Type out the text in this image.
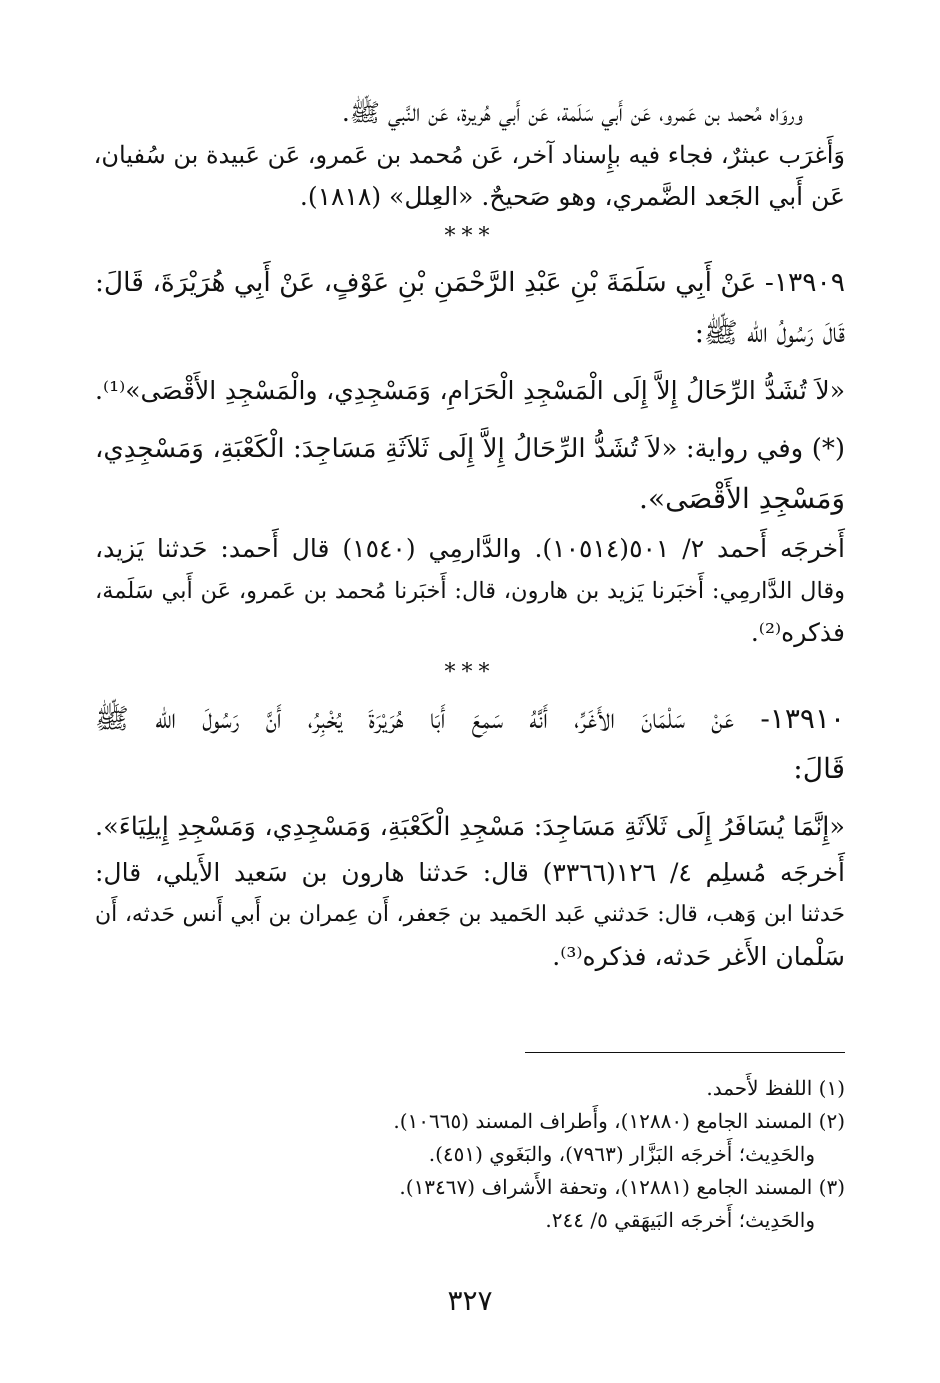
وروَاه مُحمد بن عَمرو، عَن أَبي سَلَمة، عَن أَبي هُريرة، عَن النَّبي ﷺ.
وَأَغرَب عبثرٌ، فجاء فيه بإِسناد آخر، عَن مُحمد بن عَمرو، عَن عَبيدة بن سُفيان،
عَن أَبي الجَعد الضَّمري، وهو صَحيحٌ. «العِلل» (١٨١٨).
***
١٣٩٠٩- عَنْ أَبِي سَلَمَةَ بْنِ عَبْدِ الرَّحْمَنِ بْنِ عَوْفٍ، عَنْ أَبِي هُرَيْرَةَ، قَالَ:
قَالَ رَسُولُ الله ﷺ:
«لاَ تُشَدُّ الرِّحَالُ إِلاَّ إِلَى الْمَسْجِدِ الْحَرَامِ، وَمَسْجِدِي، والْمَسْجِدِ الأَقْصَى»⁽¹⁾.
(*) وفي رواية: «لاَ تُشَدُّ الرِّحَالُ إِلاَّ إِلَى ثَلاَثَةِ مَسَاجِدَ: الْكَعْبَةِ، وَمَسْجِدِي،
وَمَسْجِدِ الأَقْصَى».
أَخرجَه أَحمد ٢/ ٥٠١(١٠٥١٤). والدَّارمِي (١٥٤٠) قال أَحمد: حَدثنا يَزيد،
وقال الدَّارمِي: أَخبَرنا يَزيد بن هارون، قال: أَخبَرنا مُحمد بن عَمرو، عَن أَبي سَلَمة،
فذكره⁽²⁾.
***
١٣٩١٠- عَنْ سَلْمَانَ الأَغَرِّ، أَنَّهُ سَمِعَ أَبَا هُرَيْرَةَ يُخْبِرُ، أَنَّ رَسُولَ الله ﷺ
قَالَ:
«إِنَّمَا يُسَافَرُ إِلَى ثَلاَثَةِ مَسَاجِدَ: مَسْجِدِ الْكَعْبَةِ، وَمَسْجِدِي، وَمَسْجِدِ إِيلِيَاءَ».
أَخرجَه مُسلِم ٤/ ١٢٦(٣٣٦٦) قال: حَدثنا هارون بن سَعيد الأَيلي، قال:
حَدثنا ابن وَهب، قال: حَدثني عَبد الحَميد بن جَعفر، أَن عِمران بن أَبي أَنس حَدثه، أَن
سَلْمان الأَغر حَدثه، فذكره⁽³⁾.
(١) اللفظ لأَحمد.
(٢) المسند الجامع (١٢٨٨٠)، وأَطراف المسند (١٠٦٦٥).
والحَدِيث؛ أَخرجَه البَزَّار (٧٩٦٣)، والبَغَوي (٤٥١).
(٣) المسند الجامع (١٢٨٨١)، وتحفة الأَشراف (١٣٤٦٧).
والحَدِيث؛ أَخرجَه البَيهَقي ٥/ ٢٤٤.
٣٢٧
